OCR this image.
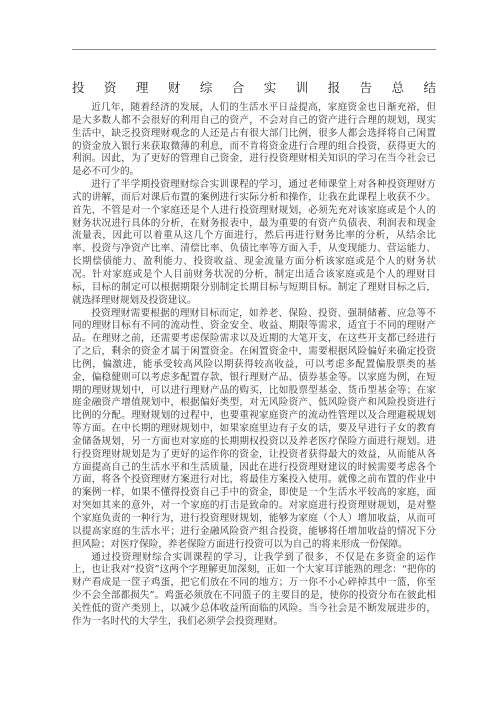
投 资 理 财 综 合 实 训 报 告 总 结

近几年，随着经济的发展，人们的生活水平日益提高，家庭资金也日渐充裕，但是大多数人都不会很好的利用自己的资产，不会对自己的资产进行合理的规划，现实生活中，缺乏投资理财观念的人还是占有很大部门比例，很多人都会选择将自己闲置的资金放入银行来获取微薄的利息，而不肯将资金进行合理的组合投资，获得更大的利润。因此，为了更好的管理自己资金，进行投资理财相关知识的学习在当今社会已是必不可少的。

进行了半学期投资理财综合实训课程的学习，通过老师课堂上对各种投资理财方式的讲解，而后对课后布置的案例进行实际分析和操作，让我在此课程上收获不少。首先，不管是对一个家庭还是个人进行投资理财规划，必须先充对该家庭或是个人的财务状况进行具体的分析，在财务报表中，最为重要的有资产负债表、利润表和现金流量表，因此可以着重从这几个方面进行，然后再进行财务比率的分析，从结余比率、投资与净资产比率、清偿比率、负债比率等方面入手，从变现能力、营运能力、长期偿债能力、盈利能力、投资收益、现金流量方面分析该家庭或是个人的财务状况。针对家庭或是个人目前财务状况的分析，制定出适合该家庭或是个人的理财目标，目标的制定可以根据期限分别制定长期目标与短期目标。制定了理财目标之后，就选择理财规划及投资建议。

投资理财需要根据的理财目标而定，如养老、保险、投资、强制储蓄、应急等不同的理财目标有不同的流动性、资金安全、收益、期限等需求，适宜于不同的理财产品。在理财之前，还需要考虑保险需求以及近期的大笔开支，在这些开支都已经进行了之后，剩余的资金才属于闲置资金。在闲置资金中，需要根据风险偏好来确定投资比例，偏激进，能承受较高风险以期获得较高收益，可以考虑多配置偏股票类的基金，偏稳健则可以考虑多配置存款，银行理财产品、债券基金等。以家庭为例，在短期的理财规划中，可以进行理财产品的购买，比如股票型基金、货币型基金等；在家庭金融资产增值规划中，根据偏好类型，对无风险资产、低风险资产和风险投资进行比例的分配。理财规划的过程中，也要重视家庭资产的流动性管理以及合理避税规划等方面。在中长期的理财规划中，如果家庭里边有子女的话，要及早进行子女的教育金储备规划，另一方面也对家庭的长期期权投资以及养老医疗保险方面进行规划。进行投资理财规划是为了更好的运作你的资金，让投资者获得最大的效益，从而能从各方面提高自己的生活水平和生活质量，因此在进行投资理财建议的时候需要考虑各个方面，将各个投资理财方案进行对比，将最佳方案投入使用。就像之前布置的作业中的案例一样，如果不懂得投资自己手中的资金，即使是一个生活水平较高的家庭，面对突如其来的意外，对一个家庭的打击是致命的。对家庭进行投资理财规划，是对整个家庭负责的一种行为，进行投资理财规划，能够为家庭（个人）增加收益，从而可以提高家庭的生活水平；进行金融风险资产组合投资，能够将任增加收益的情况下分担风险；对医疗保险，养老保险方面进行投资可以为自己的将来形成一份保障。

通过投资理财综合实训课程的学习，让我学到了很多，不仅是在多资金的运作上，也让我对“投资”这两个字理解更加深刻，正如一个大家耳详能熟的理念：“把你的财产看成是一筐子鸡蛋，把它们放在不同的地方；万一你不小心碎掉其中一篮，你至少不会全部都损失”。鸡蛋必须放在不同篮子的主要目的是，使你的投资分布在彼此相关性低的资产类别上，以减少总体收益所面临的风险。当今社会是不断发展进步的，作为一名时代的大学生，我们必须学会投资理财。
